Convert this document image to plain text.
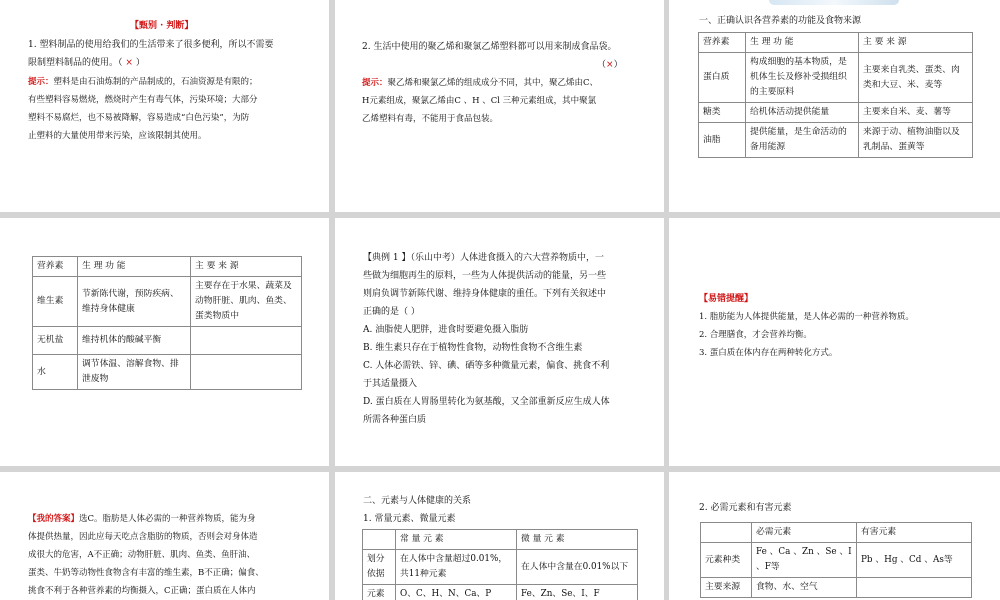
【甄别 · 判断】
1. 塑料制品的使用给我们的生活带来了很多便利，所以不需要
限制塑料制品的使用。（ × ）
提示：塑料是由石油炼制的产品制成的，石油资源是有限的；
有些塑料容易燃烧，燃烧时产生有毒气体，污染环境；大部分
塑料不易腐烂，也不易被降解，容易造成“白色污染”，为防
止塑料的大量使用带来污染，应该限制其使用。
2. 生活中使用的聚乙烯和聚氯乙烯塑料都可以用来制成食品袋。
（×）
提示：聚乙烯和聚氯乙烯的组成成分不同，其中，聚乙烯由C、
H元素组成，聚氯乙烯由C 、H 、Cl 三种元素组成，其中聚氯
乙烯塑料有毒，不能用于食品包装。
一、正确认识各营养素的功能及食物来源
营养素	生 理 功 能	主 要 来 源
蛋白质	构成细胞的基本物质，是机体生长及修补受损组织的主要原料	主要来自乳类、蛋类、肉类和大豆、米、麦等
糖类	给机体活动提供能量	主要来自米、麦、薯等
油脂	提供能量，是生命活动的备用能源	来源于动、植物油脂以及乳制品、蛋黄等
营养素	生 理 功 能	主 要 来 源
维生素	节新陈代谢，预防疾病、维持身体健康	主要存在于水果、蔬菜及动物肝脏、肌肉、鱼类、蛋类物质中
无机盐	维持机体的酸碱平衡	
水	调节体温、溶解食物、排泄废物	
【典例 1 】（乐山中考）人体进食摄入的六大营养物质中，一
些做为细胞再生的原料，一些为人体提供活动的能量，另一些
则肩负调节新陈代谢、维持身体健康的重任。下列有关叙述中
正确的是（ ）
A. 油脂使人肥胖，进食时要避免摄入脂肪
B. 维生素只存在于植物性食物，动物性食物不含维生素
C. 人体必需铁、锌、碘、硒等多种微量元素，偏食、挑食不利
于其适量摄入
D. 蛋白质在人胃肠里转化为氨基酸，又全部重新反应生成人体
所需各种蛋白质
【易错提醒】
1. 脂肪能为人体提供能量，是人体必需的一种营养物质。
2. 合理膳食，才会营养均衡。
3. 蛋白质在体内存在两种转化方式。
【我的答案】选C。脂肪是人体必需的一种营养物质，能为身
体提供热量，因此应每天吃点含脂肪的物质，否则会对身体造
成很大的危害，A不正确；动物肝脏、肌肉、鱼类、鱼肝油、
蛋类、牛奶等动物性食物含有丰富的维生素，B不正确；偏食、
挑食不利于各种营养素的均衡摄入，C正确；蛋白质在人体内
二、元素与人体健康的关系
1. 常量元素、微量元素
	常 量 元 素	微 量 元 素
划分依据	在人体中含量超过0.01%，共11种元素	在人体中含量在0.01%以下
元素	O、C、H、N、Ca、P	Fe、Zn、Se、I、F
2. 必需元素和有害元素
	必需元素	有害元素
元素种类	Fe 、Ca 、Zn 、Se 、I 、F等	Pb 、Hg 、Cd 、As等
主要来源	食物、水、空气	
